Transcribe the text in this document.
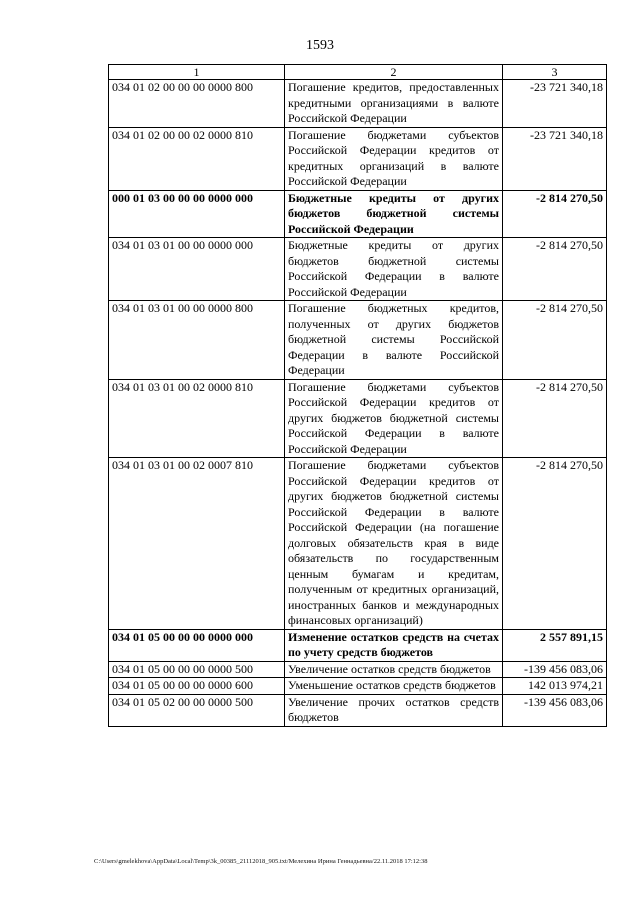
1593
1	2	3
034 01 02 00 00 00 0000 800	Погашение кредитов, предоставленных кредитными организациями в валюте Российской Федерации	-23 721 340,18
034 01 02 00 00 02 0000 810	Погашение бюджетами субъектов Российской Федерации кредитов от кредитных организаций в валюте Российской Федерации	-23 721 340,18
000 01 03 00 00 00 0000 000	Бюджетные кредиты от других бюджетов бюджетной системы Российской Федерации	-2 814 270,50
034 01 03 01 00 00 0000 000	Бюджетные кредиты от других бюджетов бюджетной системы Российской Федерации в валюте Российской Федерации	-2 814 270,50
034 01 03 01 00 00 0000 800	Погашение бюджетных кредитов, полученных от других бюджетов бюджетной системы Российской Федерации в валюте Российской Федерации	-2 814 270,50
034 01 03 01 00 02 0000 810	Погашение бюджетами субъектов Российской Федерации кредитов от других бюджетов бюджетной системы Российской Федерации в валюте Российской Федерации	-2 814 270,50
034 01 03 01 00 02 0007 810	Погашение бюджетами субъектов Российской Федерации кредитов от других бюджетов бюджетной системы Российской Федерации в валюте Российской Федерации (на погашение долговых обязательств края в виде обязательств по государственным ценным бумагам и кредитам, полученным от кредитных организаций, иностранных банков и международных финансовых организаций)	-2 814 270,50
034 01 05 00 00 00 0000 000	Изменение остатков средств на счетах по учету средств бюджетов	2 557 891,15
034 01 05 00 00 00 0000 500	Увеличение остатков средств бюджетов	-139 456 083,06
034 01 05 00 00 00 0000 600	Уменьшение остатков средств бюджетов	142 013 974,21
034 01 05 02 00 00 0000 500	Увеличение прочих остатков средств бюджетов	-139 456 083,06
C:\Users\gmelekhova\AppData\Local\Temp\3k_00385_21112018_905.txt/Мелехина Ирина Геннадьевна/22.11.2018 17:12:38
